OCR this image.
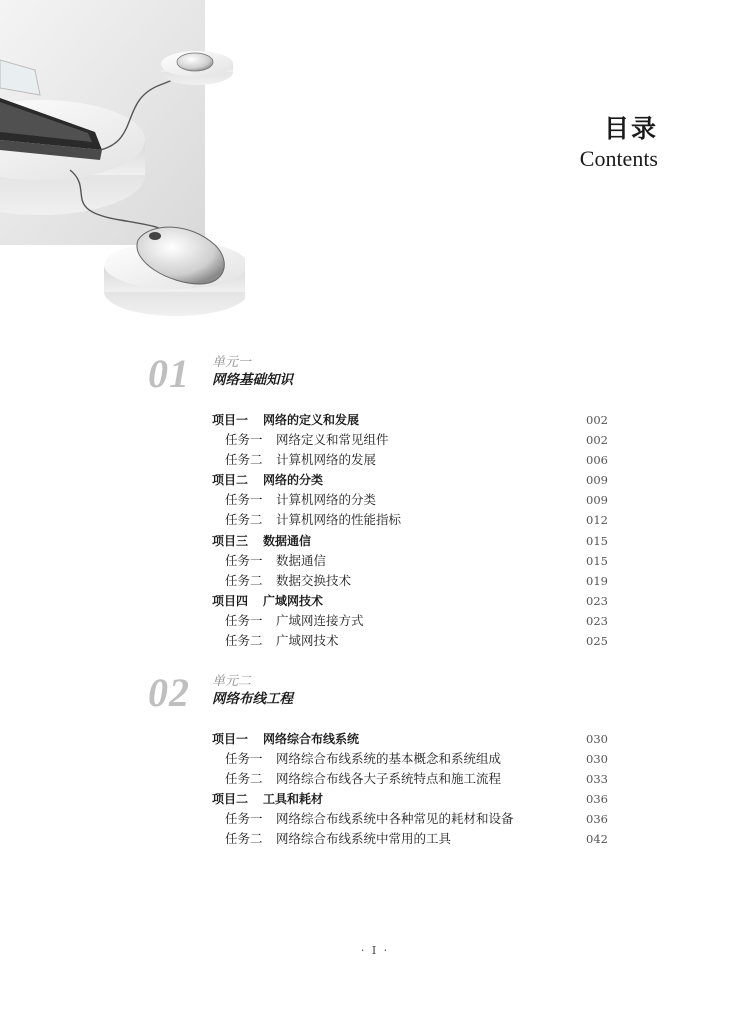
目录
Contents
01 单元一
网络基础知识
项目一 网络的定义和发展	002
任务一 网络定义和常见组件	002
任务二 计算机网络的发展	006
项目二 网络的分类	009
任务一 计算机网络的分类	009
任务二 计算机网络的性能指标	012
项目三 数据通信	015
任务一 数据通信	015
任务二 数据交换技术	019
项目四 广域网技术	023
任务一 广域网连接方式	023
任务二 广域网技术	025
02 单元二
网络布线工程
项目一 网络综合布线系统	030
任务一 网络综合布线系统的基本概念和系统组成	030
任务二 网络综合布线各大子系统特点和施工流程	033
项目二 工具和耗材	036
任务一 网络综合布线系统中各种常见的耗材和设备	036
任务二 网络综合布线系统中常用的工具	042
· Ⅰ ·
